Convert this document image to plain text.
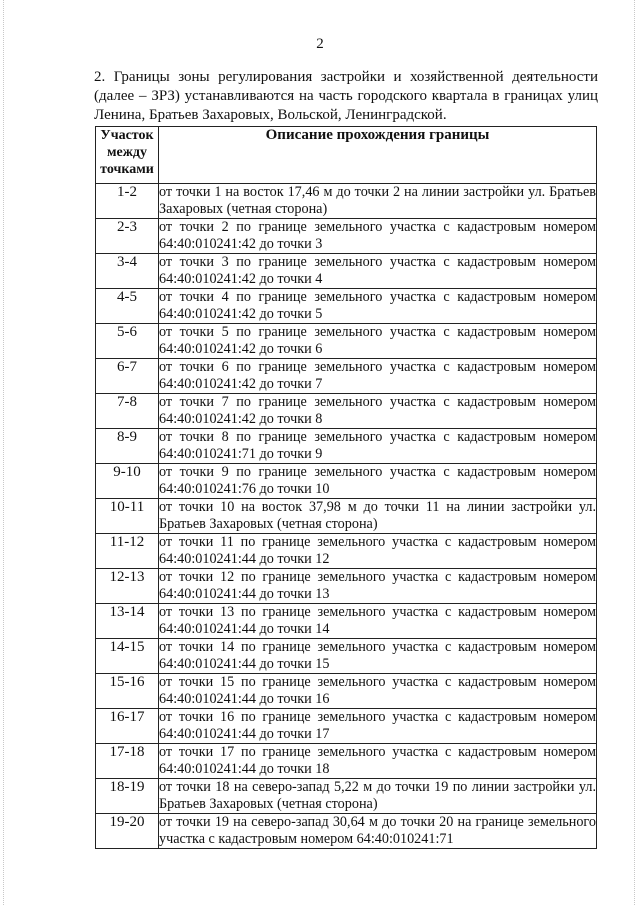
2

2. Границы зоны регулирования застройки и хозяйственной деятельности (далее – ЗРЗ) устанавливаются на часть городского квартала в границах улиц Ленина, Братьев Захаровых, Вольской, Ленинградской.

Участок между точками	Описание прохождения границы
1-2	от точки 1 на восток 17,46 м до точки 2 на линии застройки ул. Братьев Захаровых (четная сторона)
2-3	от точки 2 по границе земельного участка с кадастровым номером 64:40:010241:42 до точки 3
3-4	от точки 3 по границе земельного участка с кадастровым номером 64:40:010241:42 до точки 4
4-5	от точки 4 по границе земельного участка с кадастровым номером 64:40:010241:42 до точки 5
5-6	от точки 5 по границе земельного участка с кадастровым номером 64:40:010241:42 до точки 6
6-7	от точки 6 по границе земельного участка с кадастровым номером 64:40:010241:42 до точки 7
7-8	от точки 7 по границе земельного участка с кадастровым номером 64:40:010241:42 до точки 8
8-9	от точки 8 по границе земельного участка с кадастровым номером 64:40:010241:71 до точки 9
9-10	от точки 9 по границе земельного участка с кадастровым номером 64:40:010241:76 до точки 10
10-11	от точки 10 на восток 37,98 м до точки 11 на линии застройки ул. Братьев Захаровых (четная сторона)
11-12	от точки 11 по границе земельного участка с кадастровым номером 64:40:010241:44 до точки 12
12-13	от точки 12 по границе земельного участка с кадастровым номером 64:40:010241:44 до точки 13
13-14	от точки 13 по границе земельного участка с кадастровым номером 64:40:010241:44 до точки 14
14-15	от точки 14 по границе земельного участка с кадастровым номером 64:40:010241:44 до точки 15
15-16	от точки 15 по границе земельного участка с кадастровым номером 64:40:010241:44 до точки 16
16-17	от точки 16 по границе земельного участка с кадастровым номером 64:40:010241:44 до точки 17
17-18	от точки 17 по границе земельного участка с кадастровым номером 64:40:010241:44 до точки 18
18-19	от точки 18 на северо-запад 5,22 м до точки 19 по линии застройки ул. Братьев Захаровых (четная сторона)
19-20	от точки 19 на северо-запад 30,64 м до точки 20 на границе земельного участка с кадастровым номером 64:40:010241:71
